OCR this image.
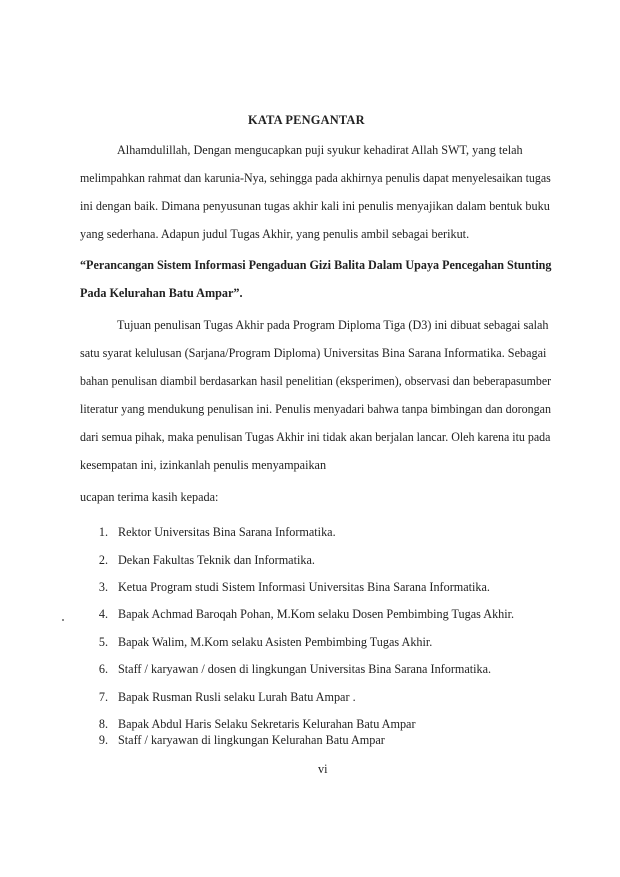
KATA PENGANTAR
Alhamdulillah, Dengan mengucapkan puji syukur kehadirat Allah SWT, yang telah
melimpahkan rahmat dan karunia-Nya, sehingga pada akhirnya penulis dapat menyelesaikan tugas
ini dengan baik. Dimana penyusunan tugas akhir kali ini penulis menyajikan dalam bentuk buku
yang sederhana. Adapun judul Tugas Akhir, yang penulis ambil sebagai berikut.
“Perancangan Sistem Informasi Pengaduan Gizi Balita Dalam Upaya Pencegahan Stunting
Pada Kelurahan Batu Ampar”.
Tujuan penulisan Tugas Akhir pada Program Diploma Tiga (D3) ini dibuat sebagai salah
satu syarat kelulusan (Sarjana/Program Diploma) Universitas Bina Sarana Informatika. Sebagai
bahan penulisan diambil berdasarkan hasil penelitian (eksperimen), observasi dan beberapasumber
literatur yang mendukung penulisan ini. Penulis menyadari bahwa tanpa bimbingan dan dorongan
dari semua pihak, maka penulisan Tugas Akhir ini tidak akan berjalan lancar. Oleh karena itu pada
kesempatan ini, izinkanlah penulis menyampaikan
ucapan terima kasih kepada:
1. Rektor Universitas Bina Sarana Informatika.
2. Dekan Fakultas Teknik dan Informatika.
3. Ketua Program studi Sistem Informasi Universitas Bina Sarana Informatika.
4. Bapak Achmad Baroqah Pohan, M.Kom selaku Dosen Pembimbing Tugas Akhir.
5. Bapak Walim, M.Kom selaku Asisten Pembimbing Tugas Akhir.
6. Staff / karyawan / dosen di lingkungan Universitas Bina Sarana Informatika.
7. Bapak Rusman Rusli selaku Lurah Batu Ampar .
8. Bapak Abdul Haris Selaku Sekretaris Kelurahan Batu Ampar
9. Staff / karyawan di lingkungan Kelurahan Batu Ampar
vi
